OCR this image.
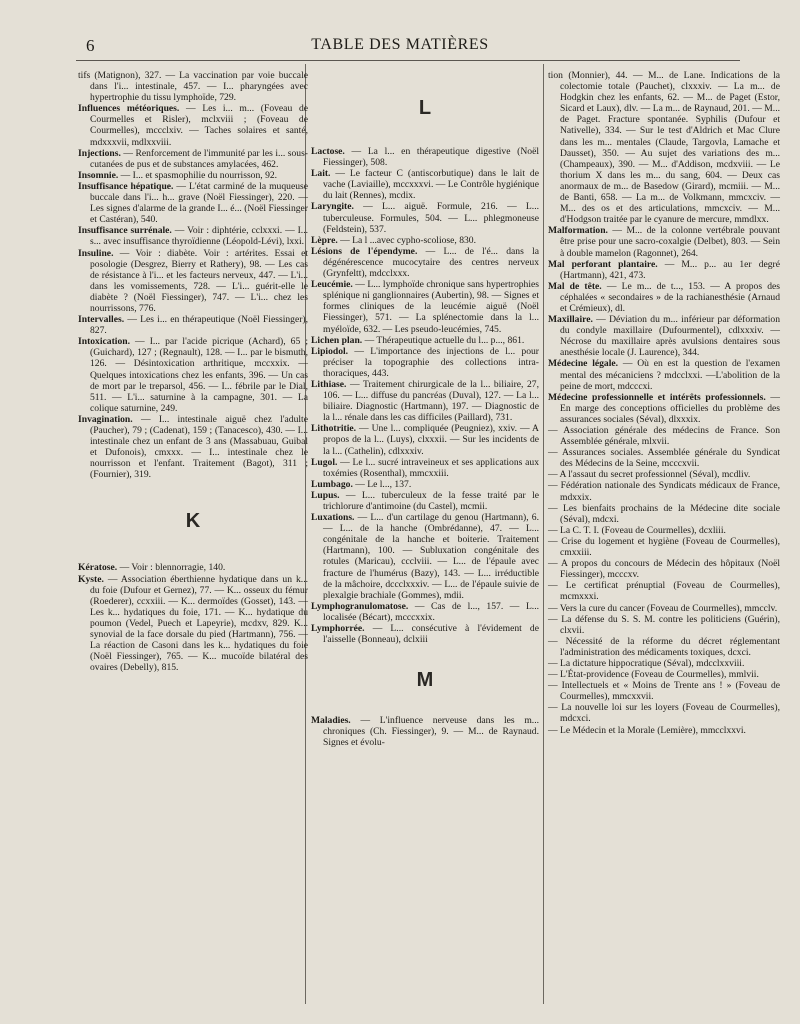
6	TABLE DES MATIÈRES
tifs (Matignon), 327. — La vaccination par voie buccale dans l'i... intestinale, 457. — I... pharyngées avec hypertrophie du tissu lymphoïde, 729.
Influences météoriques. — Les i... m... (Foveau de Courmelles et Risler), mclxviii ; (Foveau de Courmelles), mccclxiv. — Taches solaires et santé, mdxxxvii, mdlxxviii.
Injections. — Renforcement de l'immunité par les i... sous-cutanées de pus et de substances amylacées, 462.
Insomnie. — I... et spasmophilie du nourrisson, 92.
Insuffisance hépatique. — L'état carminé de la muqueuse buccale dans l'i... h... grave (Noël Fiessinger), 220. — Les signes d'alarme de la grande I... é... (Noël Fiessinger et Castéran), 540.
Insuffisance surrénale. — Voir : diphtérie, cclxxxi. — I... s... avec insuffisance thyroïdienne (Léopold-Lévi), lxxi.
Insuline. — Voir : diabète. Voir : artérites. Essai et posologie (Desgrez, Bierry et Rathery), 98. — Les cas de résistance à l'i... et les facteurs nerveux, 447. — L'i... dans les vomissements, 728. — L'i... guérit-elle le diabète ? (Noël Fiessinger), 747. — L'i... chez les nourrissons, 776.
Intervalles. — Les i... en thérapeutique (Noël Fiessinger), 827.
Intoxication. — I... par l'acide picrique (Achard), 65 ; (Guichard), 127 ; (Regnault), 128. — I... par le bismuth, 126. — Désintoxication arthritique, mccxxix. — Quelques intoxications chez les enfants, 396. — Un cas de mort par le treparsol, 456. — I... fébrile par le Dial, 511. — L'i... saturnine à la campagne, 301. — La colique saturnine, 249.
Invagination. — I... intestinale aiguë chez l'adulte (Paucher), 79 ; (Cadenat), 159 ; (Tanacesco), 430. — I... intestinale chez un enfant de 3 ans (Massabuau, Guibal et Dufonois), cmxxx. — I... intestinale chez le nourrisson et l'enfant. Traitement (Bagot), 311 ; (Fournier), 319.
K
Kératose. — Voir : blennorragie, 140.
Kyste. — Association éberthienne hydatique dans un k... du foie (Dufour et Gernez), 77. — K... osseux du fémur (Roederer), ccxxiii. — K... dermoïdes (Gosset), 143. — Les k... hydatiques du foie, 171. — K... hydatique du poumon (Vedel, Puech et Lapeyrie), mcdxv, 829. K... synovial de la face dorsale du pied (Hartmann), 756. — La réaction de Casoni dans les k... hydatiques du foie (Noël Fiessinger), 765. — K... mucoïde bilatéral des ovaires (Debelly), 815.
L
Lactose. — La l... en thérapeutique digestive (Noël Fiessinger), 508.
Lait. — Le facteur C (antiscorbutique) dans le lait de vache (Laviaille), mccxxxvi. — Le Contrôle hygiénique du lait (Rennes), mcdix.
Laryngite. — L... aiguë. Formule, 216. — L... tuberculeuse. Formules, 504. — L... phlegmoneuse (Feldstein), 537.
Lèpre. — La l ...avec cypho-scoliose, 830.
Lésions de l'épendyme. — L... de l'é... dans la dégénérescence mucocytaire des centres nerveux (Grynfeltt), mdcclxxx.
Leucémie. — L... lymphoïde chronique sans hypertrophies splénique ni ganglionnaires (Aubertin), 98. — Signes et formes cliniques de la leucémie aiguë (Noël Fiessinger), 571. — La splénectomie dans la l... myéloïde, 632. — Les pseudo-leucémies, 745.
Lichen plan. — Thérapeutique actuelle du l... p..., 861.
Lipiodol. — L'importance des injections de l... pour préciser la topographie des collections intra-thoraciques, 443.
Lithiase. — Traitement chirurgicale de la l... biliaire, 27, 106. — L... diffuse du pancréas (Duval), 127. — La l... biliaire. Diagnostic (Hartmann), 197. — Diagnostic de la l... rénale dans les cas difficiles (Paillard), 731.
Lithotritie. — Une l... compliquée (Peugniez), xxiv. — A propos de la l... (Luys), clxxxii. — Sur les incidents de la l... (Cathelin), cdlxxxiv.
Lugol. — Le l... sucré intraveineux et ses applications aux toxémies (Rosenthal), mmcxxiii.
Lumbago. — Le l..., 137.
Lupus. — L... tuberculeux de la fesse traité par le trichlorure d'antimoine (du Castel), mcmii.
Luxations. — L... d'un cartilage du genou (Hartmann), 6. — L... de la hanche (Ombrédanne), 47. — L... congénitale de la hanche et boiterie. Traitement (Hartmann), 100. — Subluxation congénitale des rotules (Maricau), ccclviii. — L... de l'épaule avec fracture de l'humérus (Bazy), 143. — L... irréductible de la mâchoire, dccclxxxiv. — L... de l'épaule suivie de plexalgie brachiale (Gommes), mdii.
Lymphogranulomatose. — Cas de l..., 157. — L... localisée (Bécart), mcccxxix.
Lymphorrée. — L... consécutive à l'évidement de l'aisselle (Bonneau), dclxiii
M
Maladies. — L'influence nerveuse dans les m... chroniques (Ch. Fiessinger), 9. — M... de Raynaud. Signes et évolu-
tion (Monnier), 44. — M... de Lane. Indications de la colectomie totale (Pauchet), clxxxiv. — La m... de Hodgkin chez les enfants, 62. — M... de Paget (Estor, Sicard et Laux), dlv. — La m... de Raynaud, 201. — M... de Paget. Fracture spontanée. Syphilis (Dufour et Nativelle), 334. — Sur le test d'Aldrich et Mac Clure dans les m... mentales (Claude, Targovla, Lamache et Dausset), 350. — Au sujet des variations des m... (Champeaux), 390. — M... d'Addison, mcdxviii. — Le thorium X dans les m... du sang, 604. — Deux cas anormaux de m... de Basedow (Girard), mcmiii. — M... de Banti, 658. — La m... de Volkmann, mmcxciv. — M... des os et des articulations, mmcxciv. — M... d'Hodgson traitée par le cyanure de mercure, mmdlxx.
Malformation. — M... de la colonne vertébrale pouvant être prise pour une sacro-coxalgie (Delbet), 803. — Sein à double mamelon (Ragonnet), 264.
Mal perforant plantaire. — M... p... au 1er degré (Hartmann), 421, 473.
Mal de tête. — Le m... de t..., 153. — A propos des céphalées « secondaires » de la rachianesthésie (Arnaud et Crémieux), dl.
Maxillaire. — Déviation du m... inférieur par déformation du condyle maxillaire (Dufourmentel), cdlxxxiv. — Nécrose du maxillaire après avulsions dentaires sous anesthésie locale (J. Laurence), 344.
Médecine légale. — Où en est la question de l'examen mental des mécaniciens ? mdcclxxi. —L'abolition de la peine de mort, mdcccxi.
Médecine professionnelle et intérêts professionnels. — En marge des conceptions officielles du problème des assurances sociales (Séval), dlxxxix.
— Association générale des médecins de France. Son Assemblée générale, mlxvii.
— Assurances sociales. Assemblée générale du Syndicat des Médecins de la Seine, mcccxvii.
— A l'assaut du secret professionnel (Séval), mcdliv.
— Fédération nationale des Syndicats médicaux de France, mdxxix.
— Les bienfaits prochains de la Médecine dite sociale (Séval), mdcxi.
— La C. T. I. (Foveau de Courmelles), dcxliii.
— Crise du logement et hygiène (Foveau de Courmelles), cmxxiii.
— A propos du concours de Médecin des hôpitaux (Noël Fiessinger), mcccxv.
— Le certificat prénuptial (Foveau de Courmelles), mcmxxxi.
— Vers la cure du cancer (Foveau de Courmelles), mmcclv.
— La défense du S. S. M. contre les politiciens (Guérin), clxvii.
— Nécessité de la réforme du décret réglementant l'administration des médicaments toxiques, dcxci.
— La dictature hippocratique (Séval), mdcclxxviii.
— L'État-providence (Foveau de Courmelles), mmlvii.
— Intellectuels et « Moins de Trente ans ! » (Foveau de Courmelles), mmcxxvii.
— La nouvelle loi sur les loyers (Foveau de Courmelles), mdcxci.
— Le Médecin et la Morale (Lemière), mmcclxxvi.
